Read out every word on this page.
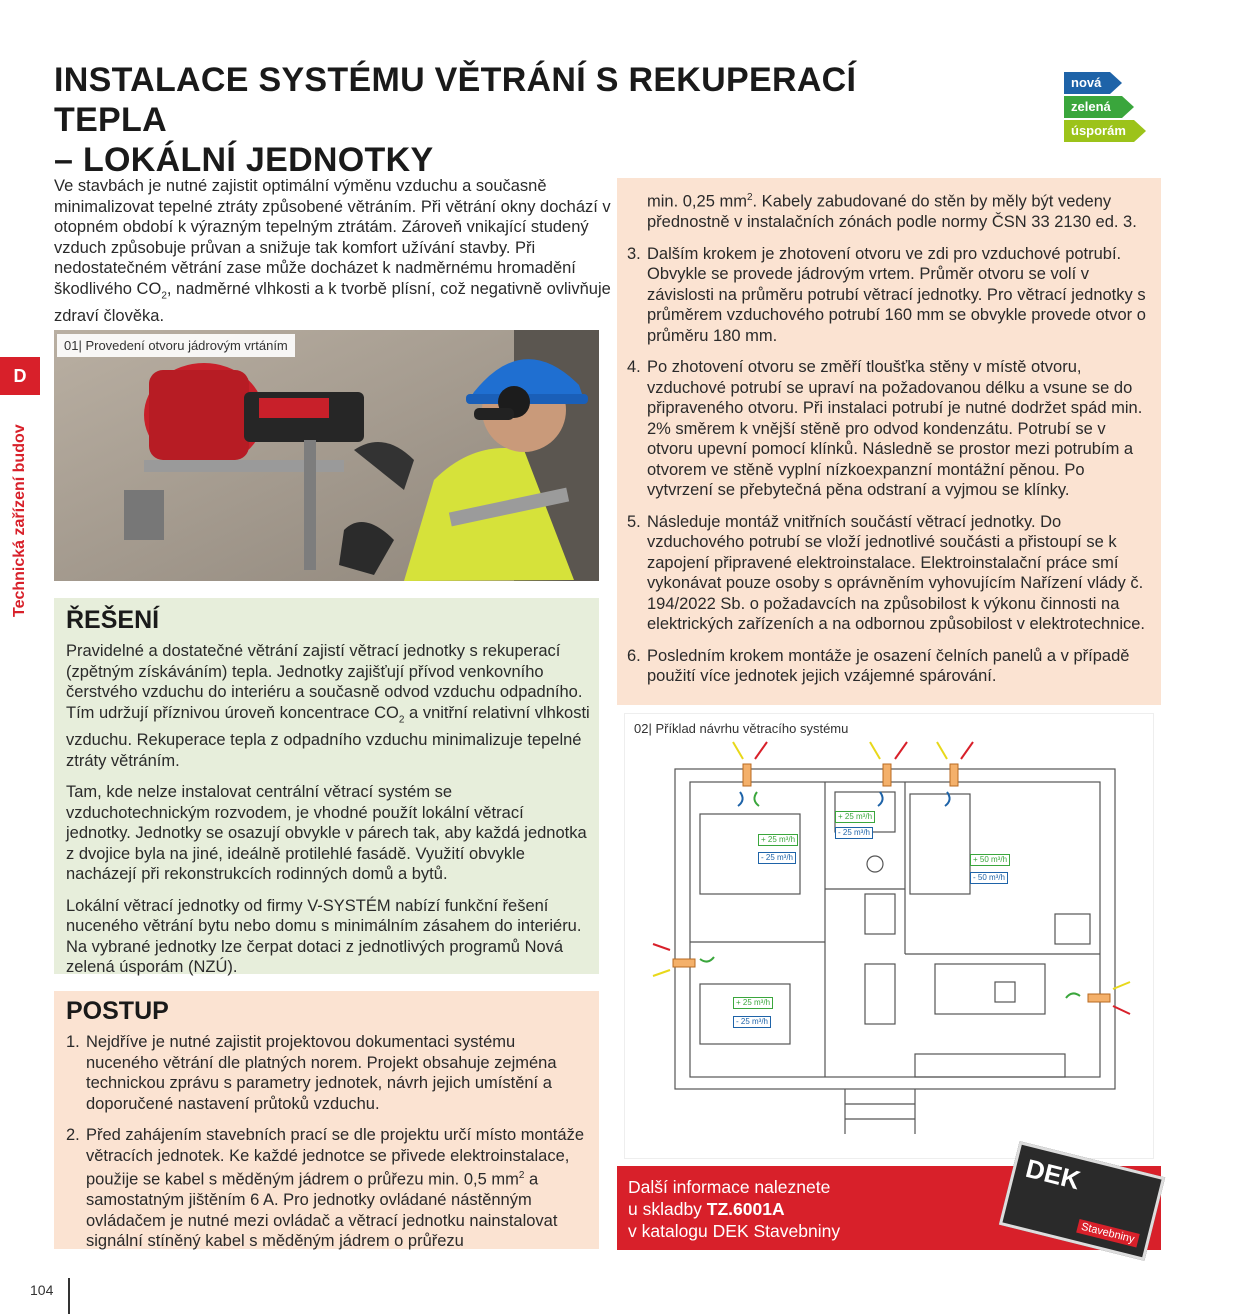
INSTALACE SYSTÉMU VĚTRÁNÍ S REKUPERACÍ TEPLA
– LOKÁLNÍ JEDNOTKY
nová
zelená
úsporám
D
Technická zařízení budov
Ve stavbách je nutné zajistit optimální výměnu vzduchu a současně minimalizovat tepelné ztráty způsobené větráním. Při větrání okny dochází v otopném období k výrazným tepelným ztrátám. Zároveň vnikající studený vzduch způsobuje průvan a snižuje tak komfort užívání stavby. Při nedostatečném větrání zase může docházet k nadměrnému hromadění škodlivého $CO_2$, nadměrné vlhkosti a k tvorbě plísní, což negativně ovlivňuje zdraví člověka.
01| Provedení otvoru jádrovým vrtáním
ŘEŠENÍ

Pravidelné a dostatečné větrání zajistí větrací jednotky s rekuperací (zpětným získáváním) tepla. Jednotky zajišťují přívod venkovního čerstvého vzduchu do interiéru a současně odvod vzduchu odpadního. Tím udržují příznivou úroveň koncentrace $CO_2$ a vnitřní relativní vlhkosti vzduchu. Rekuperace tepla z odpadního vzduchu minimalizuje tepelné ztráty větráním.

Tam, kde nelze instalovat centrální větrací systém se vzduchotechnickým rozvodem, je vhodné použít lokální větrací jednotky. Jednotky se osazují obvykle v párech tak, aby každá jednotka z dvojice byla na jiné, ideálně protilehlé fasádě. Využití obvykle nacházejí při rekonstrukcích rodinných domů a bytů.

Lokální větrací jednotky od firmy V-SYSTÉM nabízí funkční řešení nuceného větrání bytu nebo domu s minimálním zásahem do interiéru. Na vybrané jednotky lze čerpat dotaci z jednotlivých programů Nová zelená úsporám (NZÚ).

POSTUP
1. Nejdříve je nutné zajistit projektovou dokumentaci systému nuceného větrání dle platných norem. Projekt obsahuje zejména technickou zprávu s parametry jednotek, návrh jejich umístění a doporučené nastavení průtoků vzduchu.
2. Před zahájením stavebních prací se dle projektu určí místo montáže větracích jednotek. Ke každé jednotce se přivede elektroinstalace, použije se kabel s měděným jádrem o průřezu min. 0,5 $mm^2$ a samostatným jištěním 6 A. Pro jednotky ovládané nástěnným ovládačem je nutné mezi ovládač a větrací jednotku nainstalovat signální stíněný kabel s měděným jádrem o průřezu
min. 0,25 $mm^2$. Kabely zabudované do stěn by měly být vedeny přednostně v instalačních zónách podle normy ČSN 33 2130 ed. 3.
3. Dalším krokem je zhotovení otvoru ve zdi pro vzduchové potrubí. Obvykle se provede jádrovým vrtem. Průměr otvoru se volí v závislosti na průměru potrubí větrací jednotky. Pro větrací jednotky s průměrem vzduchového potrubí 160 mm se obvykle provede otvor o průměru 180 mm.
4. Po zhotovení otvoru se změří tloušťka stěny v místě otvoru, vzduchové potrubí se upraví na požadovanou délku a vsune se do připraveného otvoru. Při instalaci potrubí je nutné dodržet spád min. 2% směrem k vnější stěně pro odvod kondenzátu. Potrubí se v otvoru upevní pomocí klínků. Následně se prostor mezi potrubím a otvorem ve stěně vyplní nízkoexpanzní montážní pěnou. Po vytvrzení se přebytečná pěna odstraní a vyjmou se klínky.
5. Následuje montáž vnitřních součástí větrací jednotky. Do vzduchového potrubí se vloží jednotlivé součásti a přistoupí se k zapojení připravené elektroinstalace. Elektroinstalační práce smí vykonávat pouze osoby s oprávněním vyhovujícím Nařízení vlády č. 194/2022 Sb. o požadavcích na způsobilost k výkonu činnosti na elektrických zařízeních a na odbornou způsobilost v elektrotechnice.
6. Posledním krokem montáže je osazení čelních panelů a v případě použití více jednotek jejich vzájemné spárování.
02| Příklad návrhu větracího systému
+ 25 m³/h
- 25 m³/h
+ 25 m³/h
- 25 m³/h
+ 50 m³/h
- 50 m³/h
+ 25 m³/h
- 25 m³/h
Další informace naleznete
u skladby TZ.6001A
v katalogu DEK Stavebniny
DEK
Stavebniny
104
